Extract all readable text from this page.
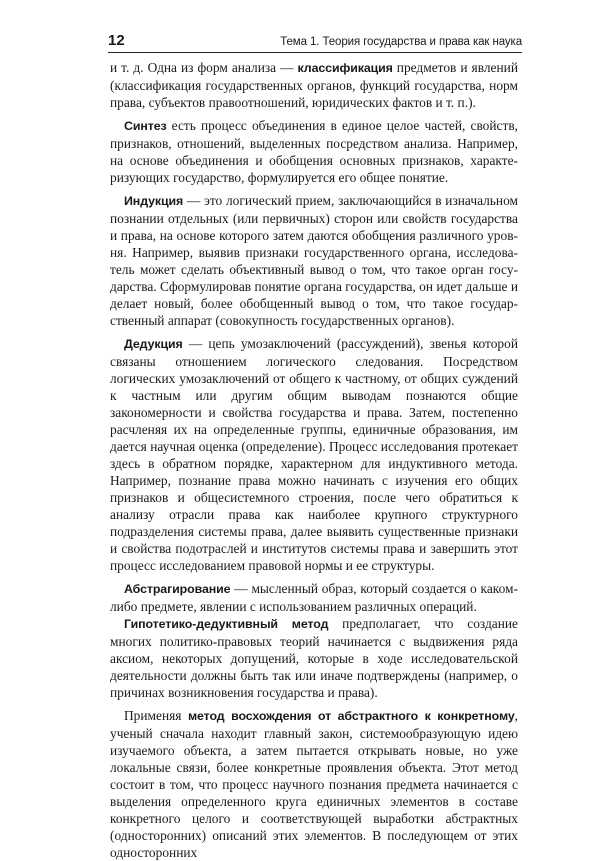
12	Тема 1. Теория государства и права как наука

и т. д. Одна из форм анализа — классификация предметов и явлений (классификация государственных органов, функций государства, норм права, субъектов правоотношений, юридических фактов и т. п.).

Синтез есть процесс объединения в единое целое частей, свойств, признаков, отношений, выделенных посредством анализа. Например, на основе объединения и обобщения основных признаков, характеризующих государство, формулируется его общее понятие.

Индукция — это логический прием, заключающийся в изначальном познании отдельных (или первичных) сторон или свойств государства и права, на основе которого затем даются обобщения различного уровня. Например, выявив признаки государственного органа, исследователь может сделать объективный вывод о том, что такое орган государства. Сформулировав понятие органа государства, он идет дальше и делает новый, более обобщенный вывод о том, что такое государственный аппарат (совокупность государственных органов).

Дедукция — цепь умозаключений (рассуждений), звенья которой связаны отношением логического следования. Посредством логических умозаключений от общего к частному, от общих суждений к частным или другим общим выводам познаются общие закономерности и свойства государства и права. Затем, постепенно расчленяя их на определенные группы, единичные образования, им дается научная оценка (определение). Процесс исследования протекает здесь в обратном порядке, характерном для индуктивного метода. Например, познание права можно начинать с изучения его общих признаков и общесистемного строения, после чего обратиться к анализу отрасли права как наиболее крупного структурного подразделения системы права, далее выявить существенные признаки и свойства подотраслей и институтов системы права и завершить этот процесс исследованием правовой нормы и ее структуры.

Абстрагирование — мысленный образ, который создается о каком-либо предмете, явлении с использованием различных операций.

Гипотетико-дедуктивный метод предполагает, что создание многих политико-правовых теорий начинается с выдвижения ряда аксиом, некоторых допущений, которые в ходе исследовательской деятельности должны быть так или иначе подтверждены (например, о причинах возникновения государства и права).

Применяя метод восхождения от абстрактного к конкретному, ученый сначала находит главный закон, системообразующую идею изучаемого объекта, а затем пытается открывать новые, но уже локальные связи, более конкретные проявления объекта. Этот метод состоит в том, что процесс научного познания предмета начинается с выделения определенного круга единичных элементов в составе конкретного целого и соответствующей выработки абстрактных (односторонних) описаний этих элементов. В последующем от этих односторонних
